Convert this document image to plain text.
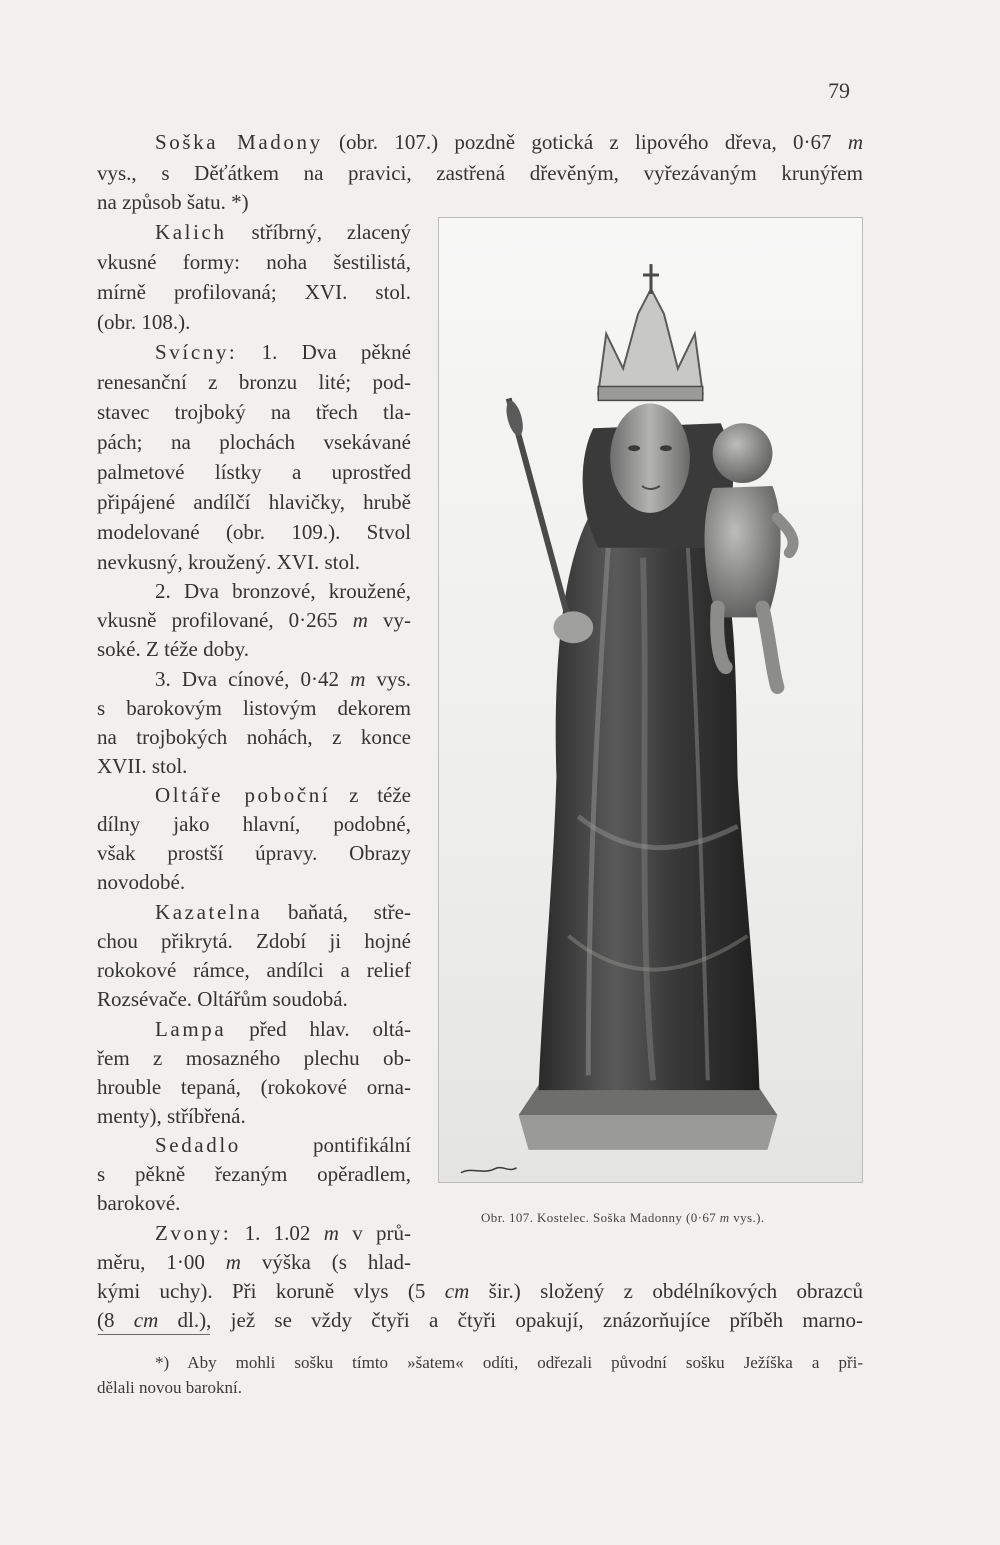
79
Soška Madony (obr. 107.) pozdně gotická z lipového dřeva, 0·67 m
vys., s Děťátkem na pravici, zastřená dřevěným, vyřezávaným krunýřem
na způsob šatu. *)
Kalich stříbrný, zlacený
vkusné formy: noha šestilistá,
mírně profilovaná; XVI. stol.
(obr. 108.).
Svícny: 1. Dva pěkné
renesanční z bronzu lité; pod-
stavec trojboký na třech tla-
pách; na plochách vsekávané
palmetové lístky a uprostřed
připájené andílčí hlavičky, hrubě
modelované (obr. 109.). Stvol
nevkusný, kroužený. XVI. stol.
2. Dva bronzové, kroužené,
vkusně profilované, 0·265 m vy-
soké. Z téže doby.
3. Dva cínové, 0·42 m vys.
s barokovým listovým dekorem
na trojbokých nohách, z konce
XVII. stol.
Oltáře poboční z téže
dílny jako hlavní, podobné,
však prostší úpravy. Obrazy
novodobé.
Kazatelna baňatá, stře-
chou přikrytá. Zdobí ji hojné
rokokové rámce, andílci a relief
Rozsévače. Oltářům soudobá.
Lampa před hlav. oltá-
řem z mosazného plechu ob-
hrouble tepaná, (rokokové orna-
menty), stříbřená.
Sedadlo pontifikální
s pěkně řezaným opěradlem,
barokové.
Zvony: 1. 1.02 m v prů-
měru, 1·00 m výška (s hlad-
kými uchy). Při koruně vlys (5 cm šir.) složený z obdélníkových obrazců
(8 cm dl.), jež se vždy čtyři a čtyři opakují, znázorňujíce příběh marno-
*) Aby mohli sošku tímto »šatem« odíti, odřezali původní sošku Ježíška a při-
dělali novou barokní.
Obr. 107. Kostelec. Soška Madonny (0·67 m vys.).
